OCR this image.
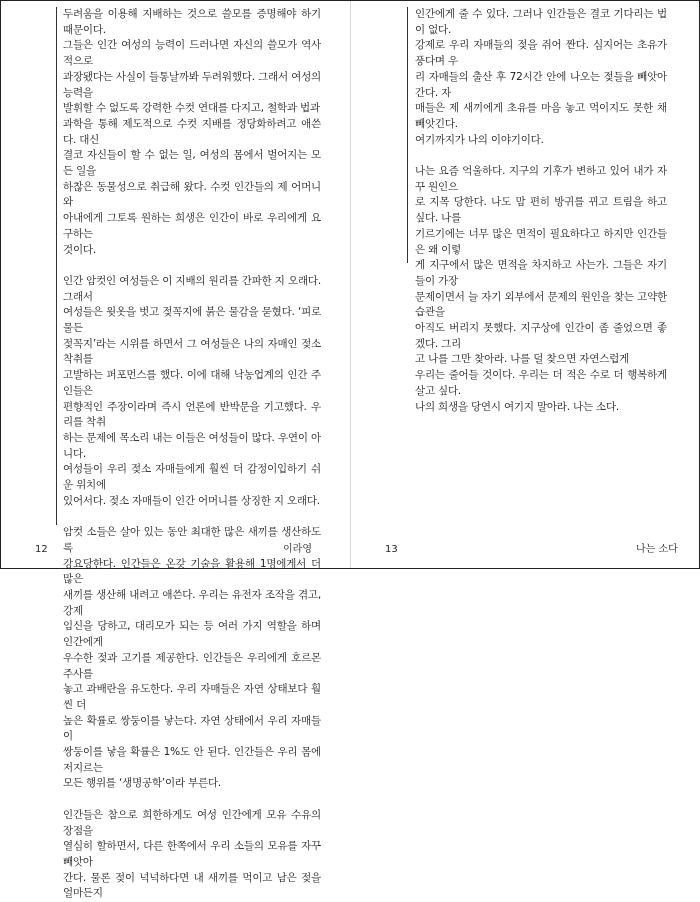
두려움을 이용해 지배하는 것으로 쓸모를 증명해야 하기 때문이다.
그들은 인간 여성의 능력이 드러나면 자신의 쓸모가 역사적으로
과장됐다는 사실이 들통날까봐 두려워했다. 그래서 여성의 능력을
발휘할 수 없도록 강력한 수컷 연대를 다지고, 철학과 법과
과학을 통해 제도적으로 수컷 지배를 정당화하려고 애쓴다. 대신
결코 자신들이 할 수 없는 일, 여성의 몸에서 벌어지는 모든 일을
하찮은 동물성으로 취급해 왔다. 수컷 인간들의 제 어머니와
아내에게 그토록 원하는 희생은 인간이 바로 우리에게 요구하는
것이다.

인간 암컷인 여성들은 이 지배의 원리를 간파한 지 오래다. 그래서
여성들은 윗옷을 벗고 젖꼭지에 붉은 물감을 묻혔다. ‘피로 물든
젖꼭지’라는 시위를 하면서 그 여성들은 나의 자매인 젖소 착취를
고발하는 퍼포먼스를 했다. 이에 대해 낙농업계의 인간 주인들은
편향적인 주장이라며 즉시 언론에 반박문을 기고했다. 우리를 착취
하는 문제에 목소리 내는 이들은 여성들이 많다. 우연이 아니다.
여성들이 우리 젖소 자매들에게 훨씬 더 감정이입하기 쉬운 위치에
있어서다. 젖소 자매들이 인간 어머니를 상징한 지 오래다.

암컷 소들은 살아 있는 동안 최대한 많은 새끼를 생산하도록
강요당한다. 인간들은 온갖 기술을 활용해 1명에게서 더 많은
새끼를 생산해 내려고 애쓴다. 우리는 유전자 조작을 겪고, 강제
임신을 당하고, 대리모가 되는 등 여러 가지 역할을 하며 인간에게
우수한 젖과 고기를 제공한다. 인간들은 우리에게 호르몬 주사를
놓고 과배란을 유도한다. 우리 자매들은 자연 상태보다 훨씬 더
높은 확률로 쌍둥이를 낳는다. 자연 상태에서 우리 자매들이
쌍둥이를 낳을 확률은 1%도 안 된다. 인간들은 우리 몸에 저지르는
모든 행위를 ‘생명공학’이라 부른다.

인간들은 참으로 희한하게도 여성 인간에게 모유 수유의 장점을
열심히 할하면서, 다른 한쪽에서 우리 소들의 모유를 자꾸 빼앗아
간다. 물론 젖이 넉넉하다면 내 새끼를 먹이고 남은 젖을 얼마든지

12	이라영

인간에게 줄 수 있다. 그러나 인간들은 결코 기다리는 법이 없다.
강제로 우리 자매들의 젖을 쥐어 짠다. 심지어는 초유가 풍다며 우
리 자매들의 출산 후 72시간 안에 나오는 젖들을 빼앗아 간다. 자
매들은 제 새끼에게 초유를 마음 놓고 먹이지도 못한 채 빼앗긴다.
여기까지가 나의 이야기이다.

나는 요즘 억울하다. 지구의 기후가 변하고 있어 내가 자꾸 원인으
로 지목 당한다. 나도 맘 편히 방귀를 뀌고 트림을 하고 싶다. 나를
기르기에는 너무 많은 면적이 필요하다고 하지만 인간들은 왜 이렇
게 지구에서 많은 면적을 차지하고 사는가. 그들은 자기들이 가장
문제이면서 늘 자기 외부에서 문제의 원인을 찾는 고약한 습관을
아직도 버리지 못했다. 지구상에 인간이 좀 줄었으면 좋겠다. 그리
고 나를 그만 찾아라. 나를 덜 찾으면 자연스럽게
우리는 줄어들 것이다. 우리는 더 적은 수로 더 행복하게 살고 싶다.
나의 희생을 당연시 여기지 말아라. 나는 소다.

13	나는 소다
